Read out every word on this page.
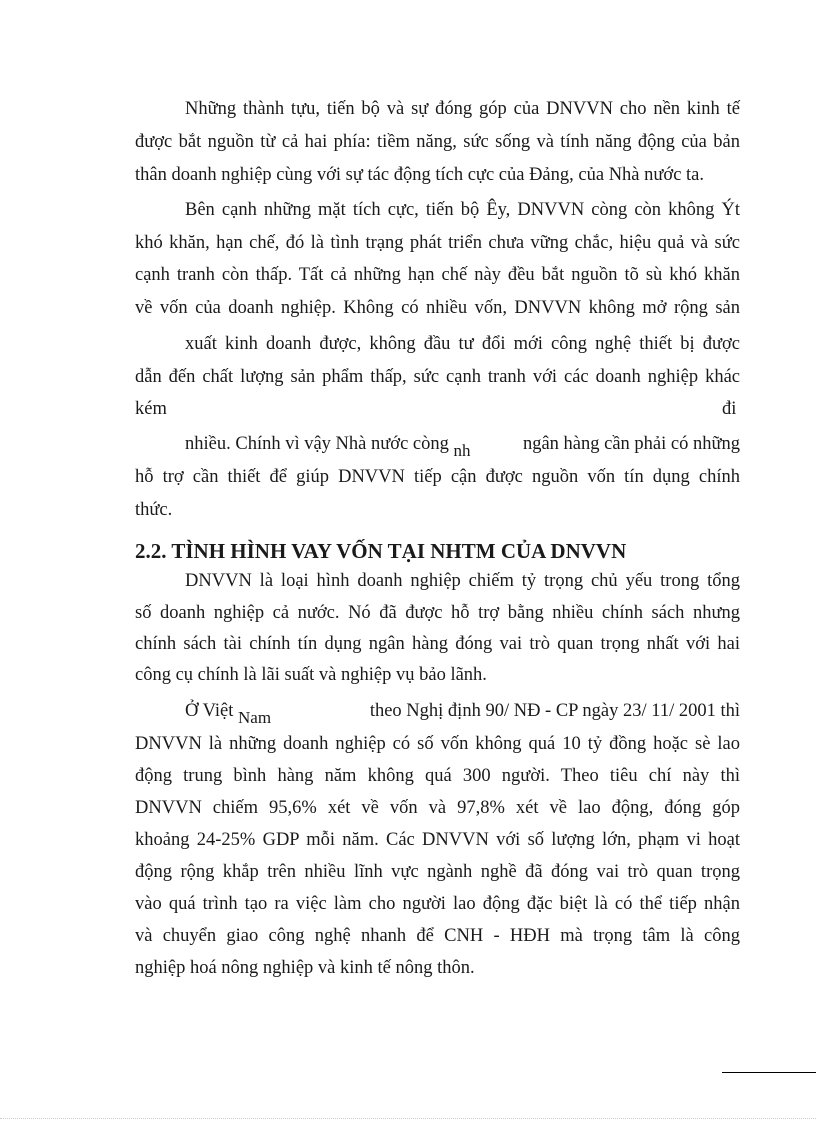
Những thành tựu, tiến bộ và sự đóng góp của DNVVN cho nền kinh tế
được bắt nguồn từ cả hai phía: tiềm năng, sức sống và tính năng động của bản
thân doanh nghiệp cùng với sự tác động tích cực của Đảng, của Nhà nước ta.
Bên cạnh những mặt tích cực, tiến bộ Êy, DNVVN còng còn không Ýt
khó khăn, hạn chế, đó là tình trạng phát triển chưa vững chắc, hiệu quả và sức
cạnh tranh còn thấp. Tất cả những hạn chế này đều bắt nguồn tõ sù khó khăn
về vốn của doanh nghiệp. Không có nhiều vốn, DNVVN không mở rộng sản
xuất kinh doanh được, không đầu tư đổi mới công nghệ thiết bị được
dẫn đến chất lượng sản phẩm thấp, sức cạnh tranh với các doanh nghiệp khác
kém	đi
nhiều. Chính vì vậy Nhà nước còng nh	ngân hàng cần phải có những
hỗ trợ cần thiết để giúp DNVVN tiếp cận được nguồn vốn tín dụng chính
thức.
2.2. TÌNH HÌNH VAY VỐN TẠI NHTM CỦA DNVVN
DNVVN là loại hình doanh nghiệp chiếm tỷ trọng chủ yếu trong tổng
số doanh nghiệp cả nước. Nó đã được hỗ trợ bằng nhiều chính sách nhưng
chính sách tài chính tín dụng ngân hàng đóng vai trò quan trọng nhất với hai
công cụ chính là lãi suất và nghiệp vụ bảo lãnh.
Ở Việt Nam	theo Nghị định 90/ NĐ - CP ngày 23/ 11/ 2001 thì
DNVVN là những doanh nghiệp có số vốn không quá 10 tỷ đồng hoặc sè lao
động trung bình hàng năm không quá 300 người. Theo tiêu chí này thì
DNVVN chiếm 95,6% xét về vốn và 97,8% xét về lao động, đóng góp
khoảng 24-25% GDP mỗi năm. Các DNVVN với số lượng lớn, phạm vi hoạt
động rộng khắp trên nhiều lĩnh vực ngành nghề đã đóng vai trò quan trọng
vào quá trình tạo ra việc làm cho người lao động đặc biệt là có thể tiếp nhận
và chuyển giao công nghệ nhanh để CNH - HĐH mà trọng tâm là công
nghiệp hoá nông nghiệp và kinh tế nông thôn.
